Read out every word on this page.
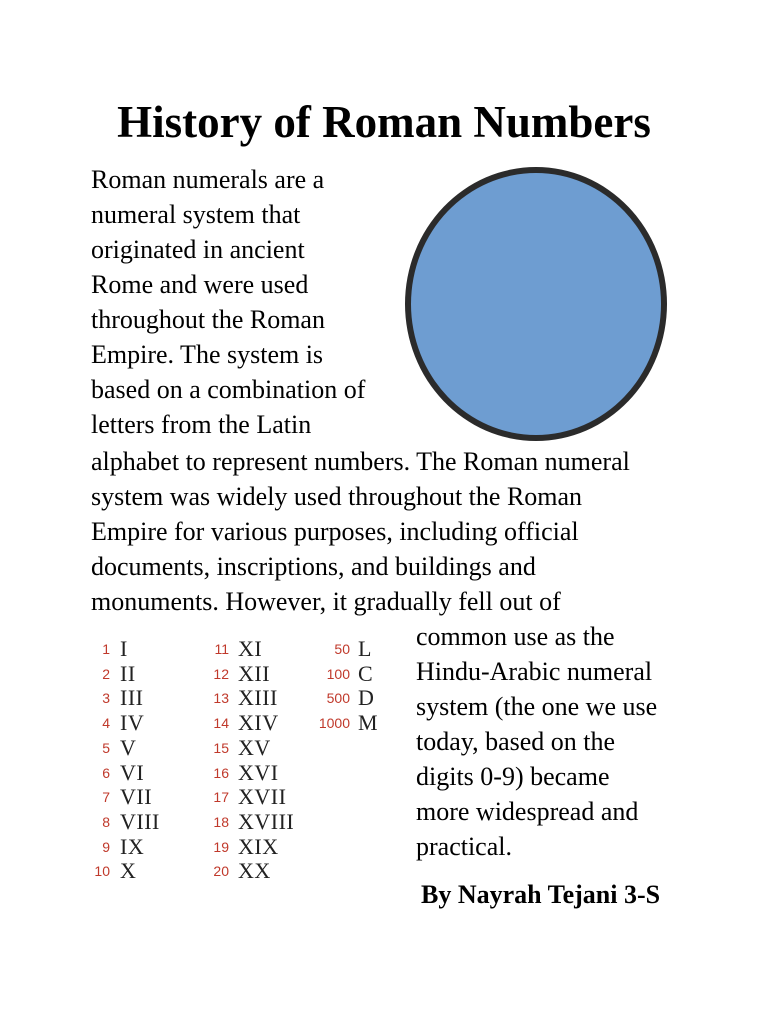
History of Roman Numbers
Roman numerals are a
numeral system that
originated in ancient
Rome and were used
throughout the Roman
Empire. The system is
based on a combination of
letters from the Latin
alphabet to represent numbers. The Roman numeral
system was widely used throughout the Roman
Empire for various purposes, including official
documents, inscriptions, and buildings and
monuments. However, it gradually fell out of
common use as the
Hindu-Arabic numeral
system (the one we use
today, based on the
digits 0-9) became
more widespread and
practical.
1 I
2 II
3 III
4 IV
5 V
6 VI
7 VII
8 VIII
9 IX
10 X
11 XI
12 XII
13 XIII
14 XIV
15 XV
16 XVI
17 XVII
18 XVIII
19 XIX
20 XX
50 L
100 C
500 D
1000 M
By Nayrah Tejani 3-S
